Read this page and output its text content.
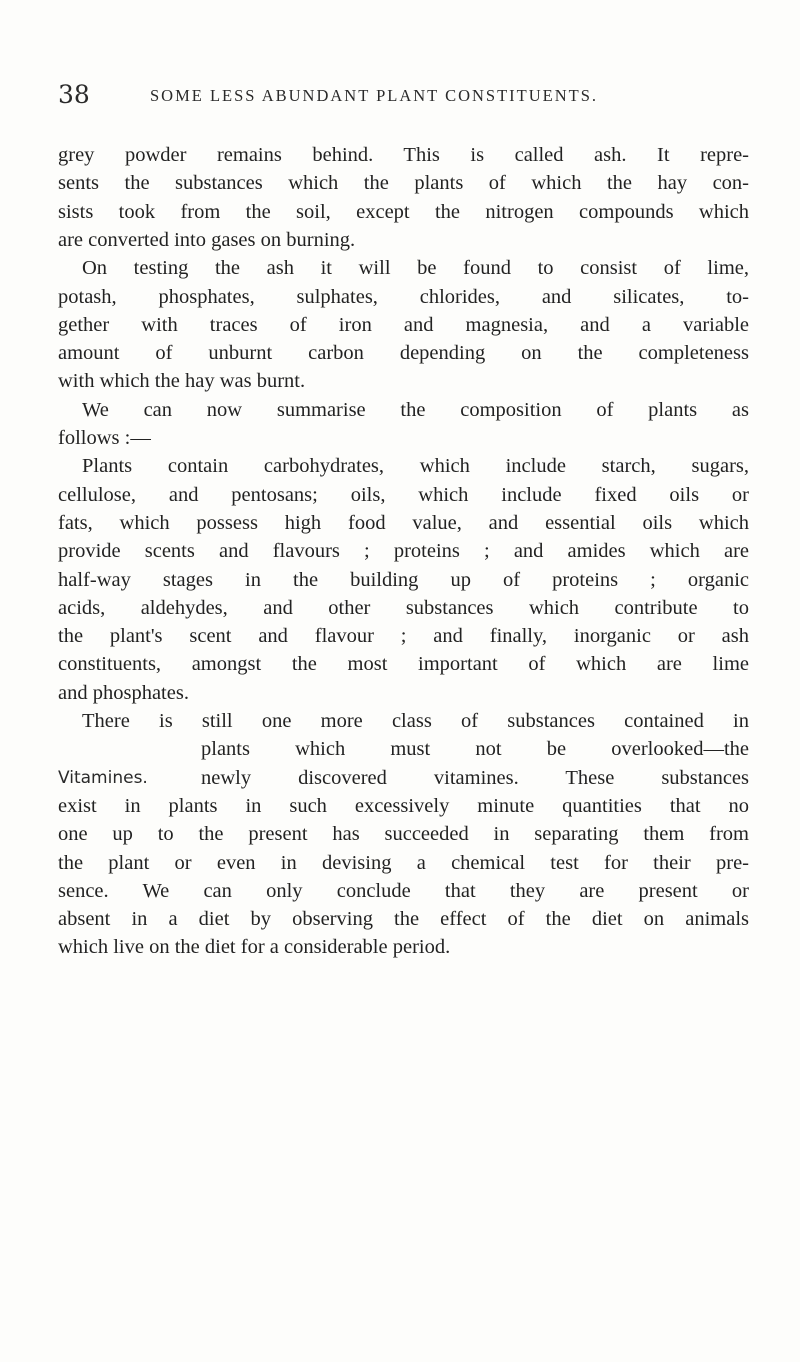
38	SOME LESS ABUNDANT PLANT CONSTITUENTS.
Vitamines.
grey powder remains behind. This is called ash. It repre-
sents the substances which the plants of which the hay con-
sists took from the soil, except the nitrogen compounds which
are converted into gases on burning.
On testing the ash it will be found to consist of lime,
potash, phosphates, sulphates, chlorides, and silicates, to-
gether with traces of iron and magnesia, and a variable
amount of unburnt carbon depending on the completeness
with which the hay was burnt.
We can now summarise the composition of plants as
follows :—
Plants contain carbohydrates, which include starch, sugars,
cellulose, and pentosans; oils, which include fixed oils or
fats, which possess high food value, and essential oils which
provide scents and flavours ; proteins ; and amides which are
half-way stages in the building up of proteins ; organic
acids, aldehydes, and other substances which contribute to
the plant's scent and flavour ; and finally, inorganic or ash
constituents, amongst the most important of which are lime
and phosphates.
There is still one more class of substances contained in
plants which must not be overlooked—the
newly discovered vitamines. These substances
exist in plants in such excessively minute quantities that no
one up to the present has succeeded in separating them from
the plant or even in devising a chemical test for their pre-
sence. We can only conclude that they are present or
absent in a diet by observing the effect of the diet on animals
which live on the diet for a considerable period.
